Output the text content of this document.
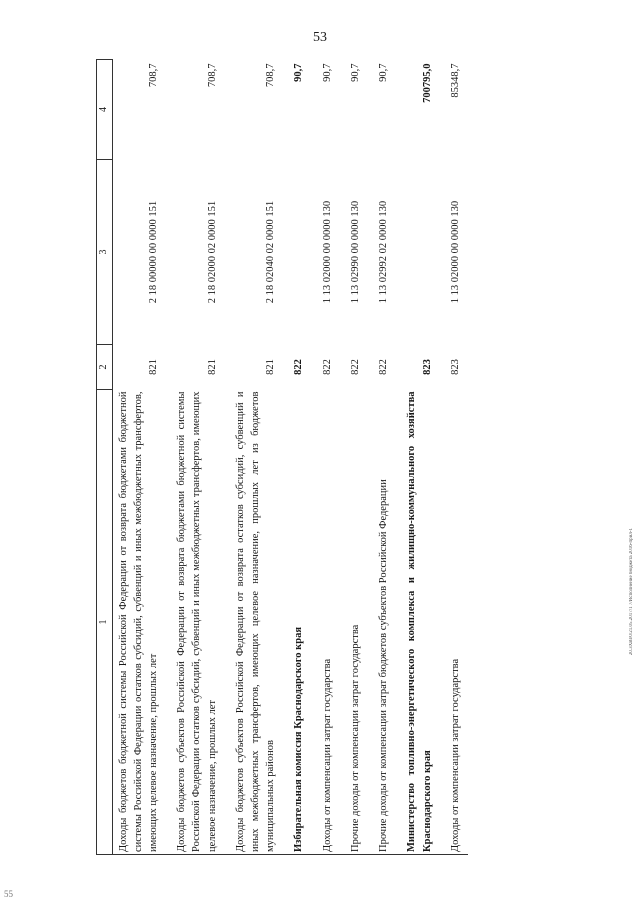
53
1	2	3	4
Доходы бюджетов бюджетной системы Российской Федерации от возврата бюджетами бюджетной системы Российской Федерации остатков субсидий, субвенций и иных межбюджетных трансфертов, имеющих целевое назначение, прошлых лет	821	2 18 00000 00 0000 151	708,7
Доходы бюджетов субъектов Российской Федерации от возврата бюджетами бюджетной системы Российской Федерации остатков субсидий, субвенций и иных межбюджетных трансфертов, имеющих целевое назначение, прошлых лет	821	2 18 02000 02 0000 151	708,7
Доходы бюджетов субъектов Российской Федерации от возврата остатков субсидий, субвенций и иных межбюджетных трансфертов, имеющих целевое назначение, прошлых лет из бюджетов муниципальных районов	821	2 18 02040 02 0000 151	708,7
Избирательная комиссия Краснодарского края	822		90,7
Доходы от компенсации затрат государства	822	1 13 02000 00 0000 130	90,7
Прочие доходы от компенсации затрат государства	822	1 13 02990 00 0000 130	90,7
Прочие доходы от компенсации затрат бюджетов субъектов Российской Федерации	822	1 13 02992 02 0000 130	90,7
Министерство топливно-энергетического комплекса и жилищно-коммунального хозяйства Краснодарского края	823		700795,0
Доходы от компенсации затрат государства	823	1 13 02000 00 0000 130	85348,7
20.3XBl/0/21.05.2017/1 7/Исполнение бюджета 2016-прил-1
55
